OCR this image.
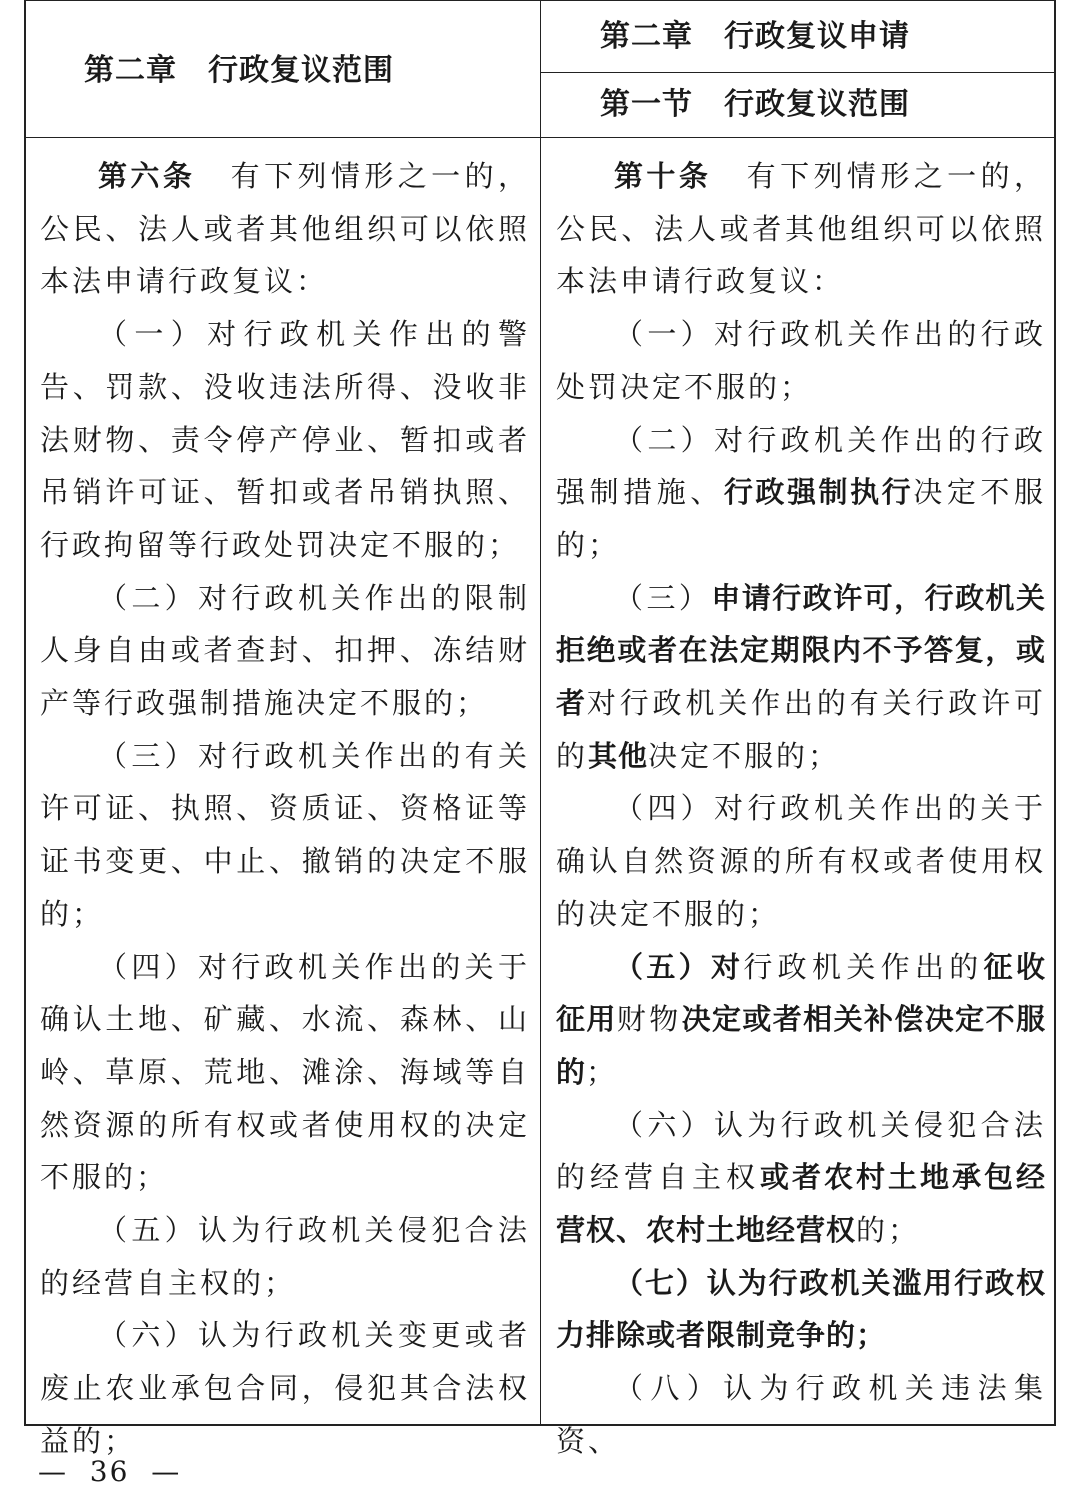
第二章　行政复议范围
第二章　行政复议申请
第一节　行政复议范围

第六条 有下列情形之一的，公民、法人或者其他组织可以依照本法申请行政复议：

（一）对行政机关作出的警告、罚款、没收违法所得、没收非法财物、责令停产停业、暂扣或者吊销许可证、暂扣或者吊销执照、行政拘留等行政处罚决定不服的；

（二）对行政机关作出的限制人身自由或者查封、扣押、冻结财产等行政强制措施决定不服的；

（三）对行政机关作出的有关许可证、执照、资质证、资格证等证书变更、中止、撤销的决定不服的；

（四）对行政机关作出的关于确认土地、矿藏、水流、森林、山岭、草原、荒地、滩涂、海域等自然资源的所有权或者使用权的决定不服的；

（五）认为行政机关侵犯合法的经营自主权的；

（六）认为行政机关变更或者废止农业承包合同，侵犯其合法权益的；

第十条 有下列情形之一的，公民、法人或者其他组织可以依照本法申请行政复议：

（一）对行政机关作出的行政处罚决定不服的；

（二）对行政机关作出的行政强制措施、行政强制执行决定不服的；

（三）申请行政许可，行政机关拒绝或者在法定期限内不予答复，或者对行政机关作出的有关行政许可的其他决定不服的；

（四）对行政机关作出的关于确认自然资源的所有权或者使用权的决定不服的；

（五）对行政机关作出的征收征用财物决定或者相关补偿决定不服的；

（六）认为行政机关侵犯合法的经营自主权或者农村土地承包经营权、农村土地经营权的；

（七）认为行政机关滥用行政权力排除或者限制竞争的；

（八）认为行政机关违法集资、

—  36  —
